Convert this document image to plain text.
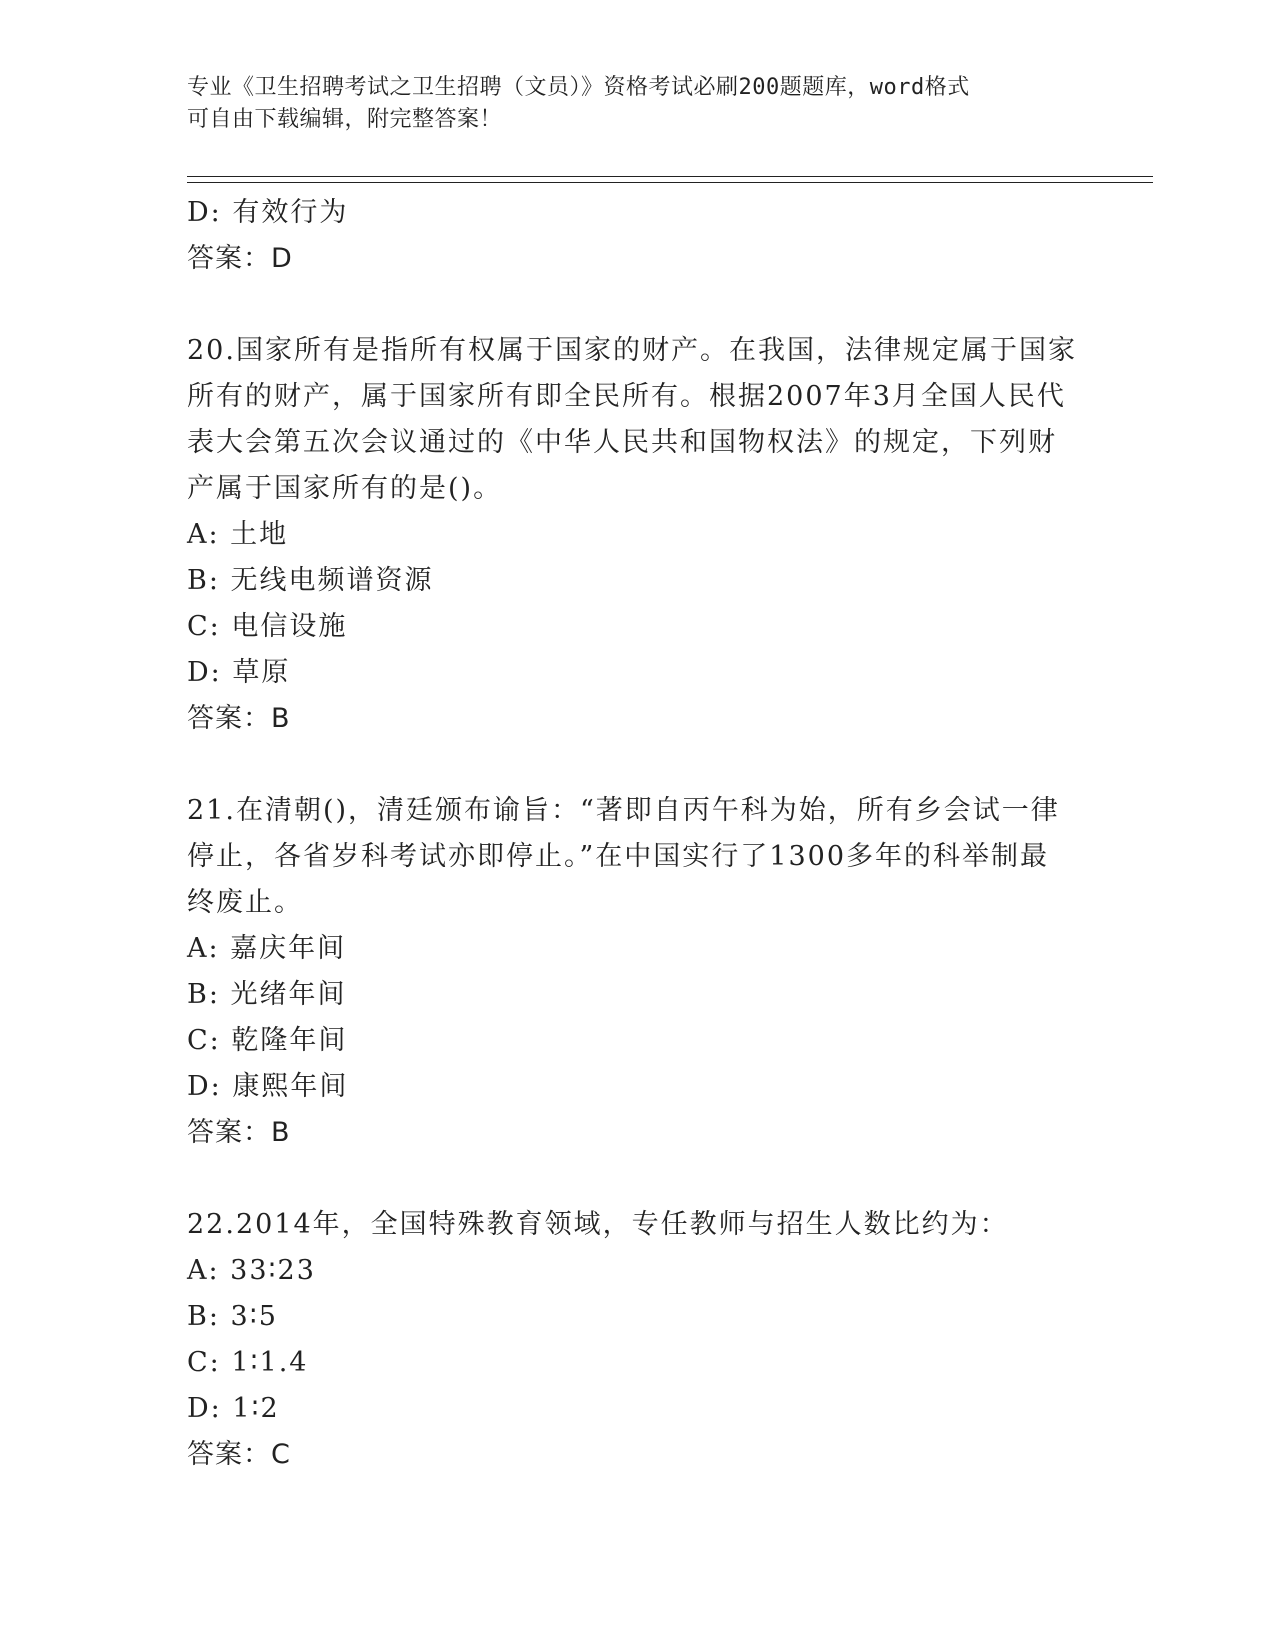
专业《卫生招聘考试之卫生招聘（文员）》资格考试必刷200题题库，word格式
可自由下载编辑，附完整答案！
D: 有效行为
答案：D
20.国家所有是指所有权属于国家的财产。在我国，法律规定属于国家
所有的财产，属于国家所有即全民所有。根据2007年3月全国人民代
表大会第五次会议通过的《中华人民共和国物权法》的规定，下列财
产属于国家所有的是()。
A: 土地
B: 无线电频谱资源
C: 电信设施
D: 草原
答案：B
21.在清朝()，清廷颁布谕旨：“著即自丙午科为始，所有乡会试一律
停止，各省岁科考试亦即停止。”在中国实行了1300多年的科举制最
终废止。
A: 嘉庆年间
B: 光绪年间
C: 乾隆年间
D: 康熙年间
答案：B
22.2014年，全国特殊教育领域，专任教师与招生人数比约为：
A: 33∶23
B: 3∶5
C: 1∶1.4
D: 1∶2
答案：C
